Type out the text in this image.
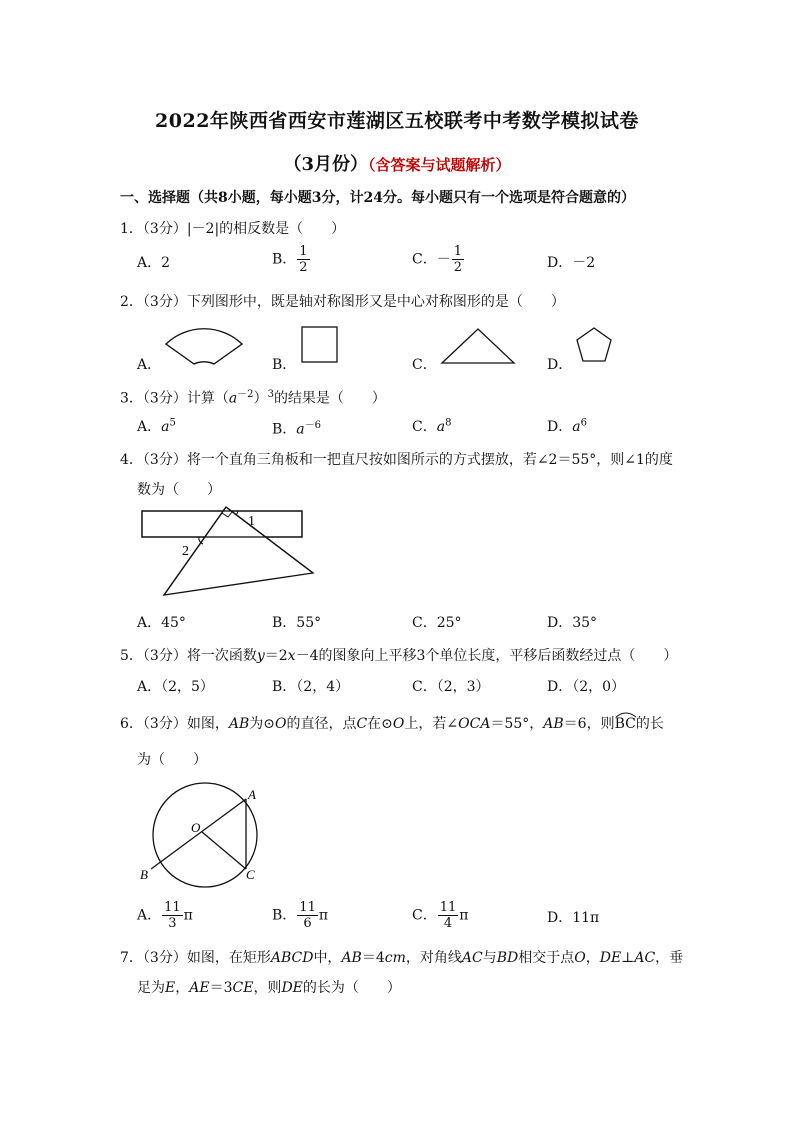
2022年陕西省西安市莲湖区五校联考中考数学模拟试卷
（3月份）（含答案与试题解析）
一、选择题（共8小题，每小题3分，计24分。每小题只有一个选项是符合题意的）
1．（3分）|－2|的相反数是（　　）
A．2	B． $\frac{1}{2}$	C．－ $\frac{1}{2}$	D．－2
2．（3分）下列图形中，既是轴对称图形又是中心对称图形的是（　　）
A．	B．	C．	D．
3．（3分）计算$(a^{-2})^3$的结果是（　　）
A．$a^5$	B．$a^{-6}$	C．$a^8$	D．$a^6$
4．（3分）将一个直角三角板和一把直尺按如图所示的方式摆放，若∠2＝55°，则∠1的度
数为（　　）
1
2
A．45°	B．55°	C．25°	D．35°
5．（3分）将一次函数y＝2x－4的图象向上平移3个单位长度，平移后函数经过点（　　）
A．（2，5）	B．（2，4）	C．（2，3）	D．（2，0）
6．（3分）如图，AB为⊙O的直径，点C在⊙O上，若∠OCA＝55°，AB＝6，则
BC的长
为（　　）
A
B	C
O
A． $\frac{11}{3}$ π	B． $\frac{11}{6}$ π	C． $\frac{11}{4}$ π	D．11π
7．（3分）如图，在矩形ABCD中，AB＝4cm，对角线AC与BD相交于点O，DE⊥AC，垂
足为E，AE＝3CE，则DE的长为（　　）
